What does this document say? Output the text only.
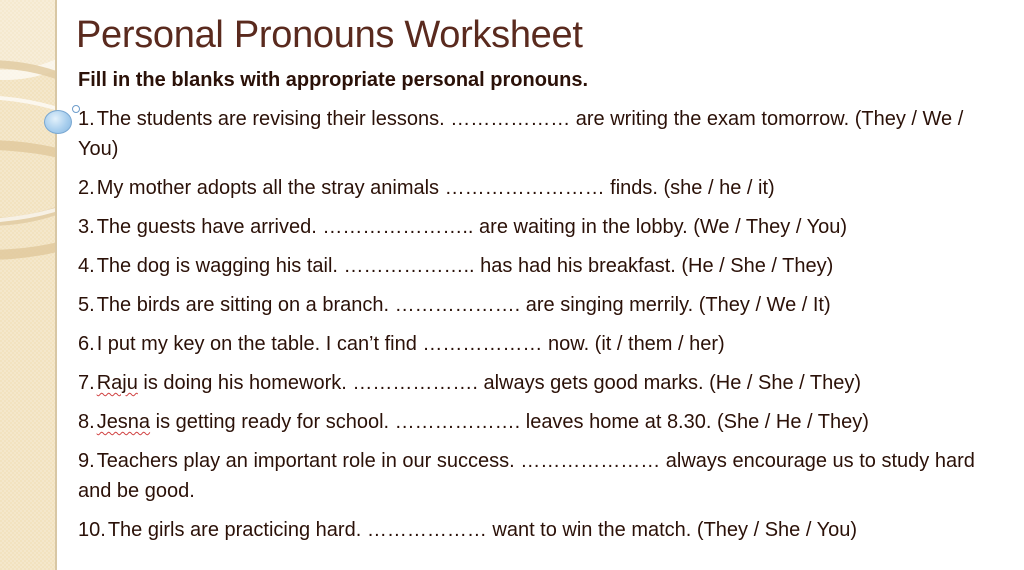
Personal Pronouns Worksheet
Fill in the blanks with appropriate personal pronouns.
1. The students are revising their lessons. ……………… are writing the exam tomorrow. (They / We / You)
2. My mother adopts all the stray animals …………………… finds. (she / he / it)
3. The guests have arrived. ………………….. are waiting in the lobby. (We / They / You)
4. The dog is wagging his tail. ……………….. has had his breakfast. (He / She / They)
5. The birds are sitting on a branch. ………………. are singing merrily. (They / We / It)
6. I put my key on the table. I can’t find ……………… now. (it / them / her)
7. Raju is doing his homework. ………………. always gets good marks. (He / She / They)
8. Jesna is getting ready for school. ………………. leaves home at 8.30. (She / He / They)
9. Teachers play an important role in our success. ………………… always encourage us to study hard and be good.
10. The girls are practicing hard. ……………… want to win the match. (They / She / You)
